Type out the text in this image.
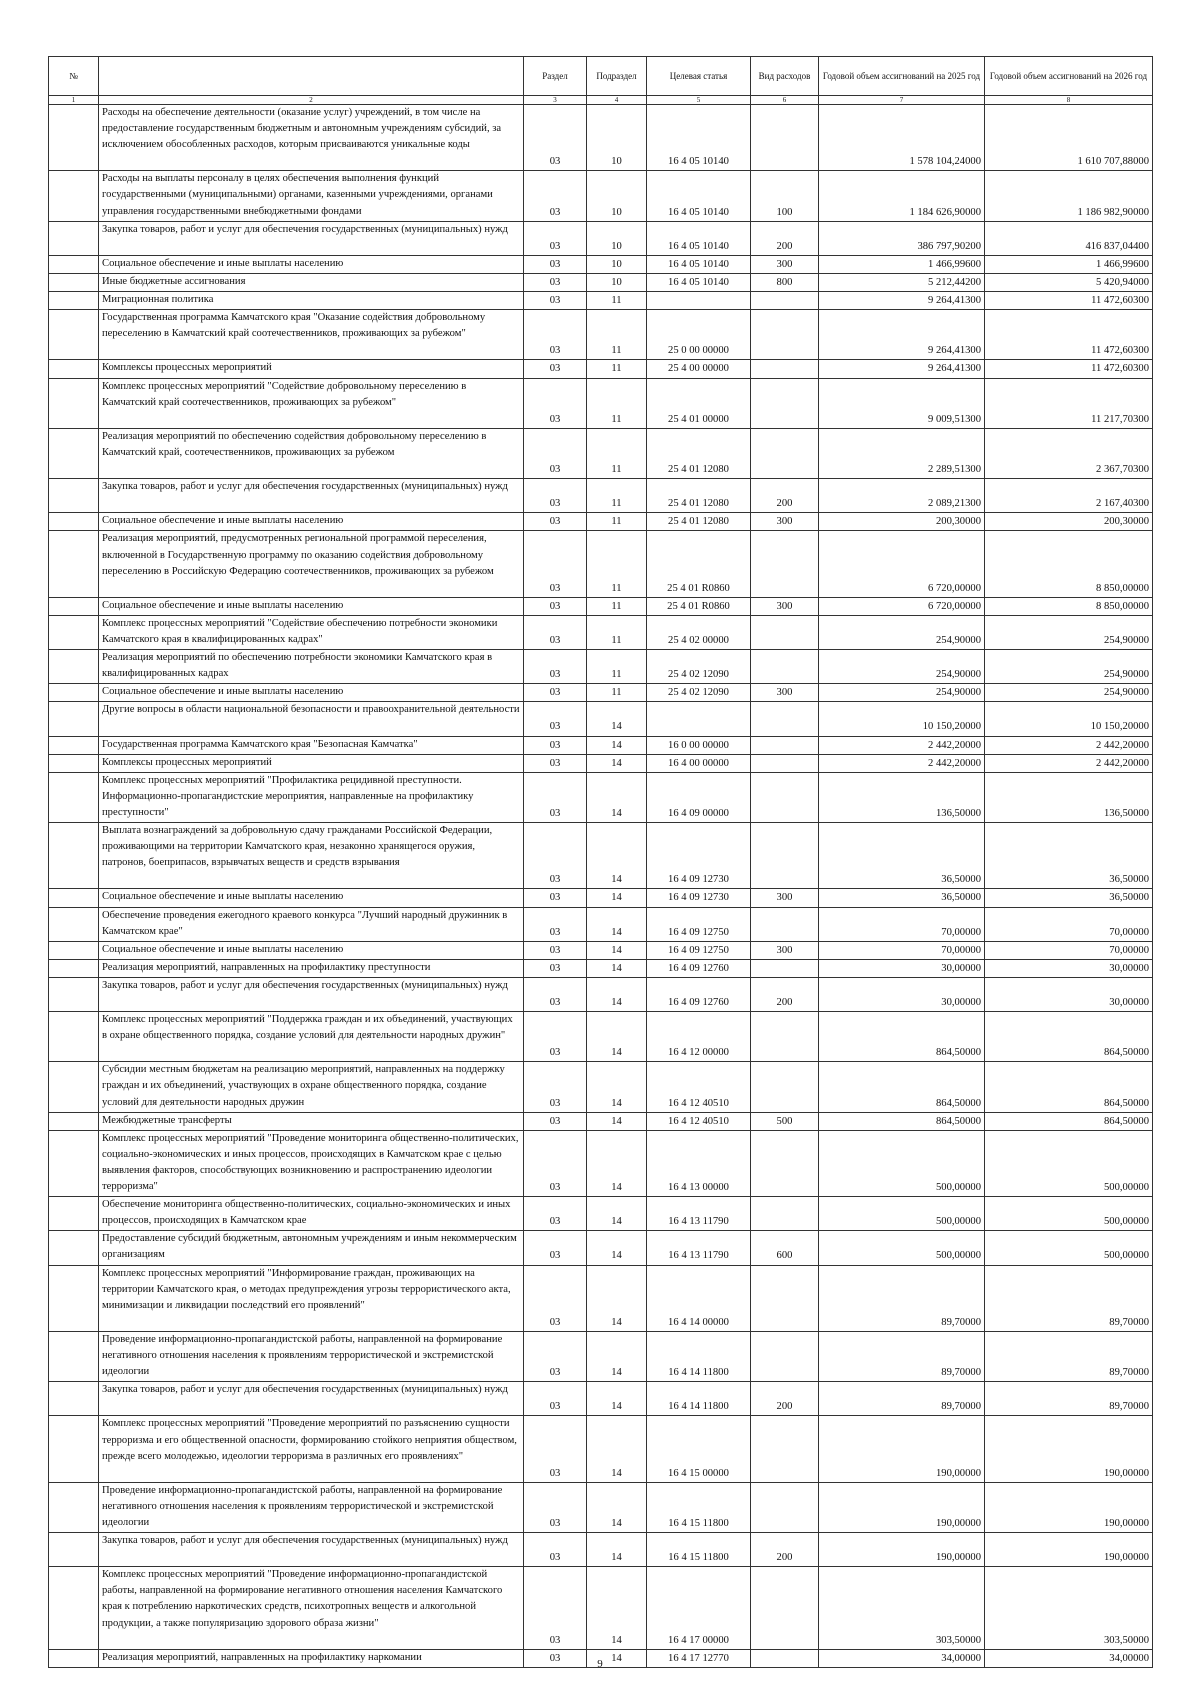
№		Раздел	Подраздел	Целевая статья	Вид расходов	Годовой объем ассигнований на 2025 год	Годовой объем ассигнований на 2026 год
1	2	3	4	5	6	7	8
	Расходы на обеспечение деятельности (оказание услуг) учреждений, в том числе на предоставление государственным бюджетным и автономным учреждениям субсидий, за исключением обособленных расходов, которым присваиваются уникальные коды	03	10	16 4 05 10140		1 578 104,24000	1 610 707,88000
	Расходы на выплаты персоналу в целях обеспечения выполнения функций государственными (муниципальными) органами, казенными учреждениями, органами управления государственными внебюджетными фондами	03	10	16 4 05 10140	100	1 184 626,90000	1 186 982,90000
	Закупка товаров, работ и услуг для обеспечения государственных (муниципальных) нужд	03	10	16 4 05 10140	200	386 797,90200	416 837,04400
	Социальное обеспечение и иные выплаты населению	03	10	16 4 05 10140	300	1 466,99600	1 466,99600
	Иные бюджетные ассигнования	03	10	16 4 05 10140	800	5 212,44200	5 420,94000
	Миграционная политика	03	11			9 264,41300	11 472,60300
	Государственная программа Камчатского края "Оказание содействия добровольному переселению в Камчатский край соотечественников, проживающих за рубежом"	03	11	25 0 00 00000		9 264,41300	11 472,60300
	Комплексы процессных мероприятий	03	11	25 4 00 00000		9 264,41300	11 472,60300
	Комплекс процессных мероприятий "Содействие добровольному переселению в Камчатский край соотечественников, проживающих за рубежом"	03	11	25 4 01 00000		9 009,51300	11 217,70300
	Реализация мероприятий по обеспечению содействия добровольному переселению в Камчатский край, соотечественников, проживающих за рубежом	03	11	25 4 01 12080		2 289,51300	2 367,70300
	Закупка товаров, работ и услуг для обеспечения государственных (муниципальных) нужд	03	11	25 4 01 12080	200	2 089,21300	2 167,40300
	Социальное обеспечение и иные выплаты населению	03	11	25 4 01 12080	300	200,30000	200,30000
	Реализация мероприятий, предусмотренных региональной программой переселения, включенной в Государственную программу по оказанию содействия добровольному переселению в Российскую Федерацию соотечественников, проживающих за рубежом	03	11	25 4 01 R0860		6 720,00000	8 850,00000
	Социальное обеспечение и иные выплаты населению	03	11	25 4 01 R0860	300	6 720,00000	8 850,00000
	Комплекс процессных мероприятий "Содействие обеспечению потребности экономики Камчатского края в квалифицированных кадрах"	03	11	25 4 02 00000		254,90000	254,90000
	Реализация мероприятий по обеспечению потребности экономики Камчатского края в квалифицированных кадрах	03	11	25 4 02 12090		254,90000	254,90000
	Социальное обеспечение и иные выплаты населению	03	11	25 4 02 12090	300	254,90000	254,90000
	Другие вопросы в области национальной безопасности и правоохранительной деятельности	03	14			10 150,20000	10 150,20000
	Государственная программа Камчатского края "Безопасная Камчатка"	03	14	16 0 00 00000		2 442,20000	2 442,20000
	Комплексы процессных мероприятий	03	14	16 4 00 00000		2 442,20000	2 442,20000
	Комплекс процессных мероприятий "Профилактика рецидивной преступности. Информационно-пропагандистские мероприятия, направленные на профилактику преступности"	03	14	16 4 09 00000		136,50000	136,50000
	Выплата вознаграждений за добровольную сдачу гражданами Российской Федерации, проживающими на территории Камчатского края, незаконно хранящегося оружия, патронов, боеприпасов, взрывчатых веществ и средств взрывания	03	14	16 4 09 12730		36,50000	36,50000
	Социальное обеспечение и иные выплаты населению	03	14	16 4 09 12730	300	36,50000	36,50000
	Обеспечение проведения ежегодного краевого конкурса "Лучший народный дружинник в Камчатском крае"	03	14	16 4 09 12750		70,00000	70,00000
	Социальное обеспечение и иные выплаты населению	03	14	16 4 09 12750	300	70,00000	70,00000
	Реализация мероприятий, направленных на профилактику преступности	03	14	16 4 09 12760		30,00000	30,00000
	Закупка товаров, работ и услуг для обеспечения государственных (муниципальных) нужд	03	14	16 4 09 12760	200	30,00000	30,00000
	Комплекс процессных мероприятий "Поддержка граждан и их объединений, участвующих в охране общественного порядка, создание условий для деятельности народных дружин"	03	14	16 4 12 00000		864,50000	864,50000
	Субсидии местным бюджетам на реализацию мероприятий, направленных на поддержку граждан и их объединений, участвующих в охране общественного порядка, создание условий для деятельности народных дружин	03	14	16 4 12 40510		864,50000	864,50000
	Межбюджетные трансферты	03	14	16 4 12 40510	500	864,50000	864,50000
	Комплекс процессных мероприятий "Проведение мониторинга общественно-политических, социально-экономических и иных процессов, происходящих в Камчатском крае с целью выявления факторов, способствующих возникновению и распространению идеологии терроризма"	03	14	16 4 13 00000		500,00000	500,00000
	Обеспечение мониторинга общественно-политических, социально-экономических и иных процессов, происходящих в Камчатском крае	03	14	16 4 13 11790		500,00000	500,00000
	Предоставление субсидий бюджетным, автономным учреждениям и иным некоммерческим организациям	03	14	16 4 13 11790	600	500,00000	500,00000
	Комплекс процессных мероприятий "Информирование граждан, проживающих на территории Камчатского края, о методах предупреждения угрозы террористического акта, минимизации и ликвидации последствий его проявлений"	03	14	16 4 14 00000		89,70000	89,70000
	Проведение информационно-пропагандистской работы, направленной на формирование негативного отношения населения к проявлениям террористической и экстремистской идеологии	03	14	16 4 14 11800		89,70000	89,70000
	Закупка товаров, работ и услуг для обеспечения государственных (муниципальных) нужд	03	14	16 4 14 11800	200	89,70000	89,70000
	Комплекс процессных мероприятий "Проведение мероприятий по разъяснению сущности терроризма и его общественной опасности, формированию стойкого неприятия обществом, прежде всего молодежью, идеологии терроризма в различных его проявлениях"	03	14	16 4 15 00000		190,00000	190,00000
	Проведение информационно-пропагандистской работы, направленной на формирование негативного отношения населения к проявлениям террористической и экстремистской идеологии	03	14	16 4 15 11800		190,00000	190,00000
	Закупка товаров, работ и услуг для обеспечения государственных (муниципальных) нужд	03	14	16 4 15 11800	200	190,00000	190,00000
	Комплекс процессных мероприятий "Проведение информационно-пропагандистской работы, направленной на формирование негативного отношения населения Камчатского края к потреблению наркотических средств, психотропных веществ и алкогольной продукции, а также популяризацию здорового образа жизни"	03	14	16 4 17 00000		303,50000	303,50000
	Реализация мероприятий, направленных на профилактику наркомании	03	14	16 4 17 12770		34,00000	34,00000
9
